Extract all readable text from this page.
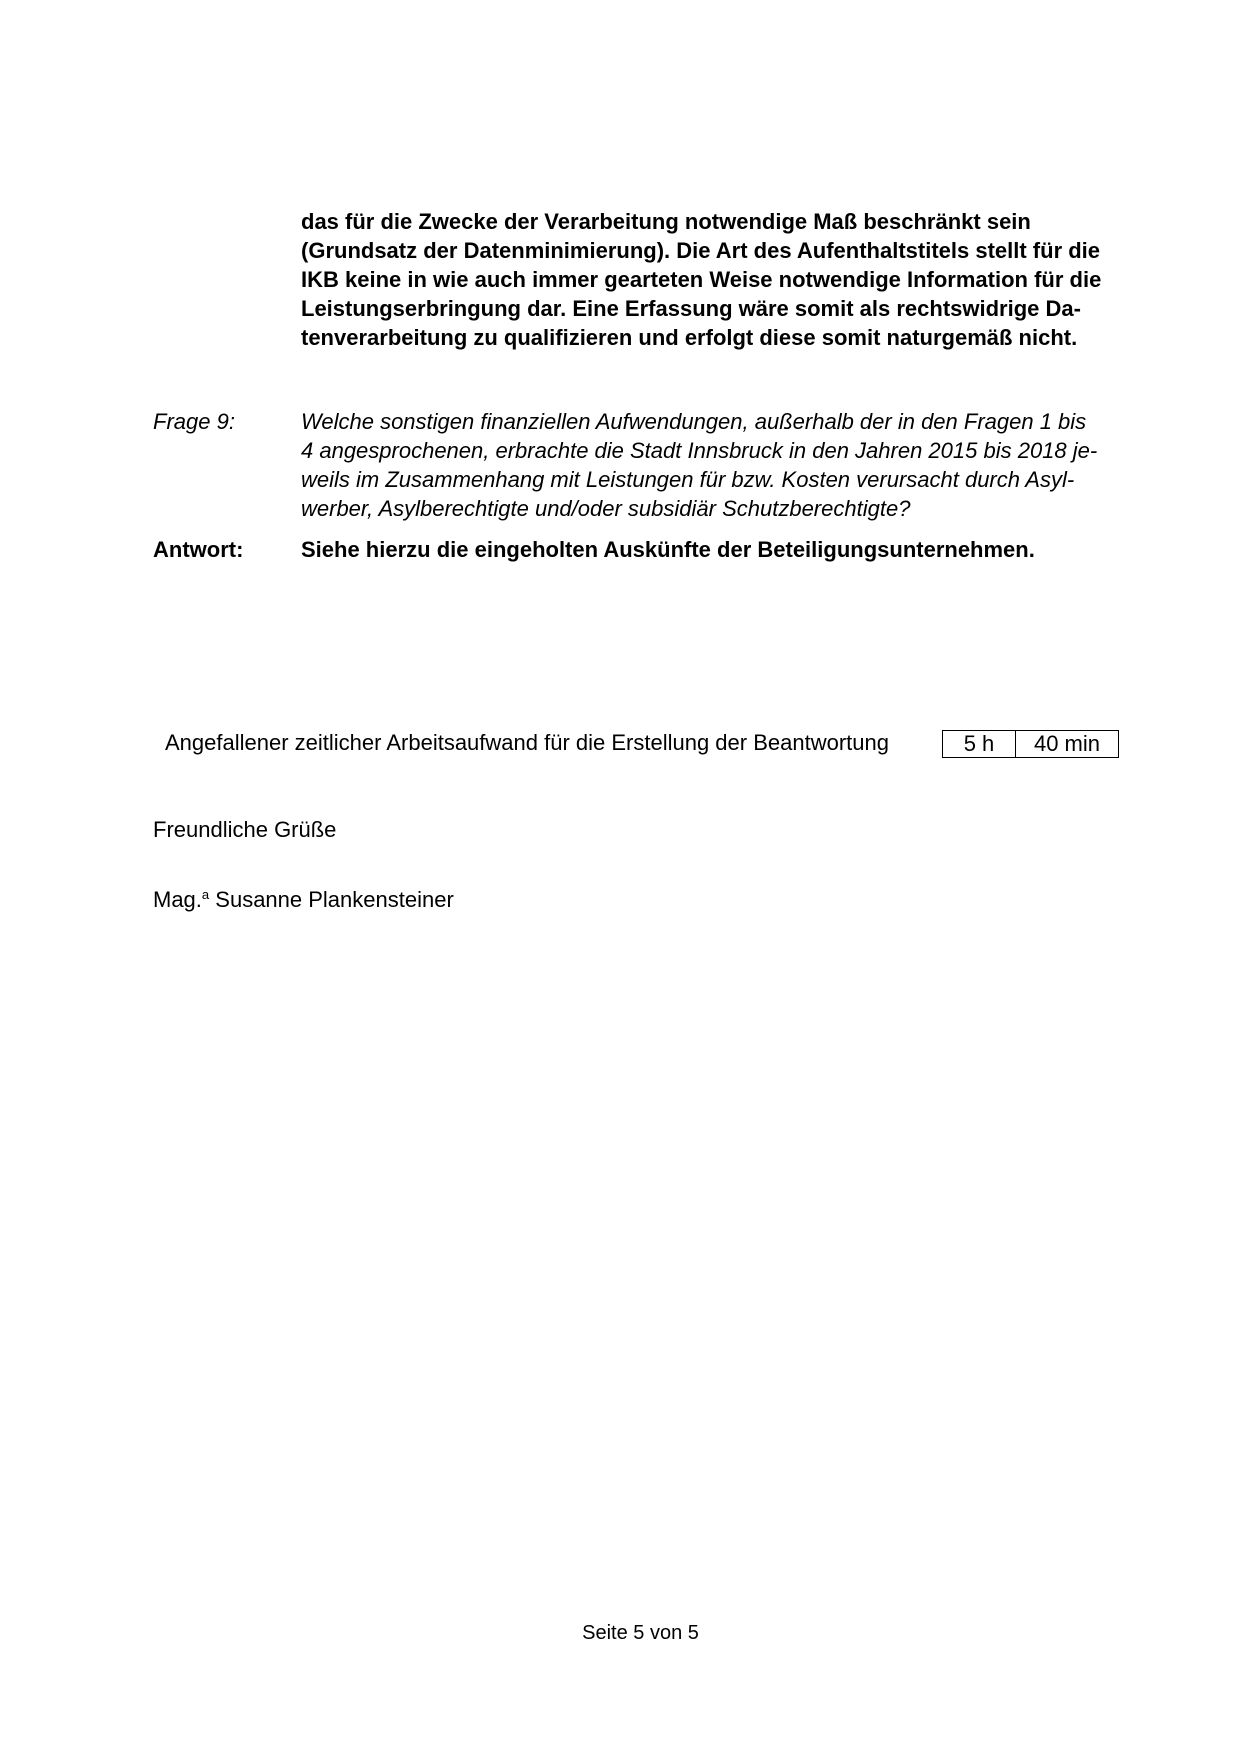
das für die Zwecke der Verarbeitung notwendige Maß beschränkt sein
(Grundsatz der Datenminimierung). Die Art des Aufenthaltstitels stellt für die
IKB keine in wie auch immer gearteten Weise notwendige Information für die
Leistungserbringung dar. Eine Erfassung wäre somit als rechtswidrige Da-
tenverarbeitung zu qualifizieren und erfolgt diese somit naturgemäß nicht.
Frage 9:	Welche sonstigen finanziellen Aufwendungen, außerhalb der in den Fragen 1 bis
4 angesprochenen, erbrachte die Stadt Innsbruck in den Jahren 2015 bis 2018 je-
weils im Zusammenhang mit Leistungen für bzw. Kosten verursacht durch Asyl-
werber, Asylberechtigte und/oder subsidiär Schutzberechtigte?
Antwort:	Siehe hierzu die eingeholten Auskünfte der Beteiligungsunternehmen.
Angefallener zeitlicher Arbeitsaufwand für die Erstellung der Beantwortung	5 h 40 min
Freundliche Grüße
Mag.$^a$ Susanne Plankensteiner
Seite 5 von 5
